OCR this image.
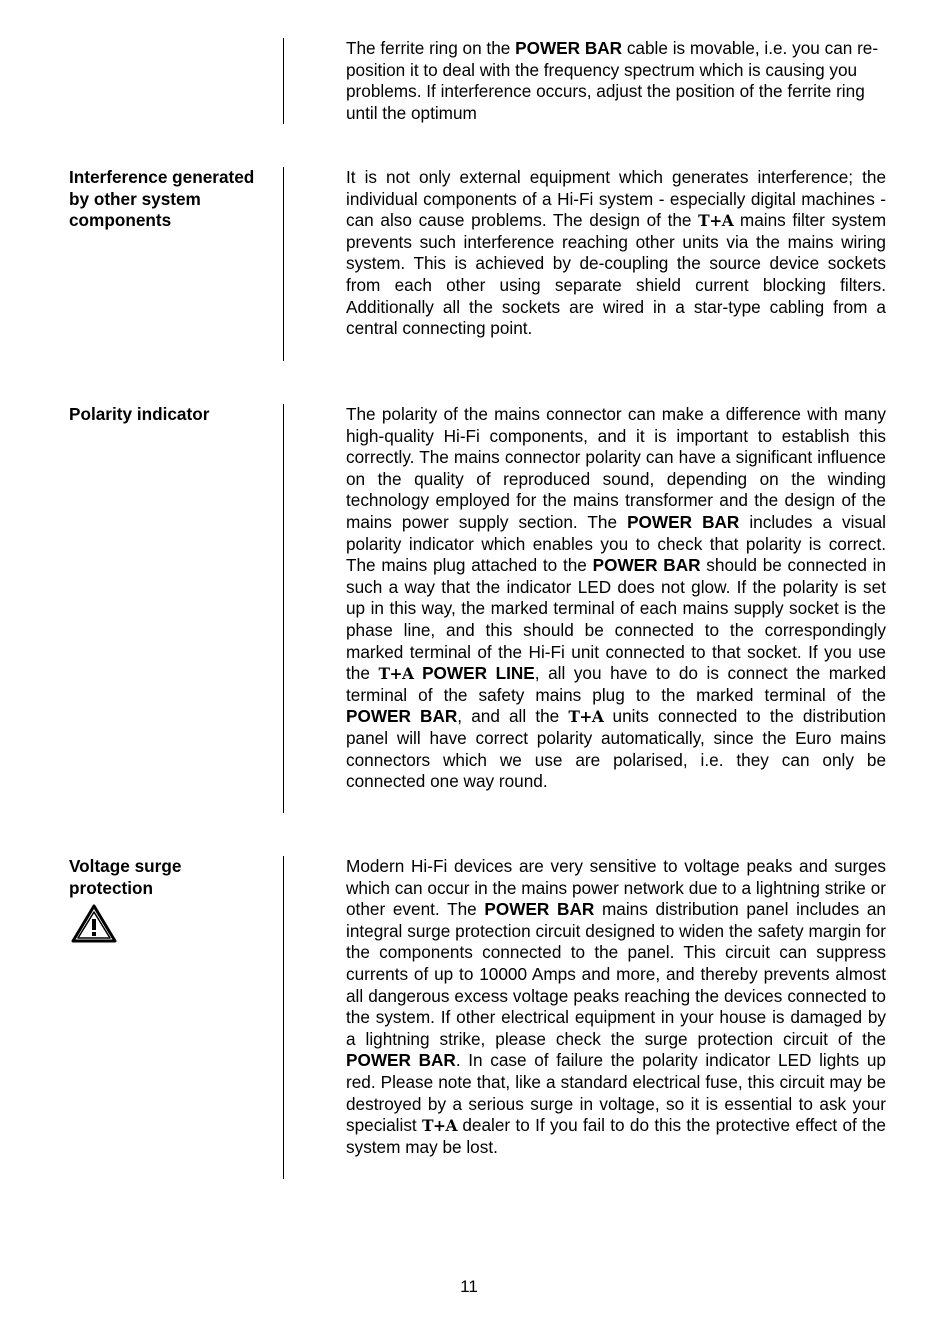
The ferrite ring on the POWER BAR cable is movable, i.e. you can re-position it to deal with the frequency spectrum which is causing you problems. If interference occurs, adjust the position of the ferrite ring until the optimum
Interference generated by other system components
It is not only external equipment which generates interference; the individual components of a Hi-Fi system - especially digital machines - can also cause problems. The design of the T+A mains filter system prevents such interference reaching other units via the mains wiring system. This is achieved by de-coupling the source device sockets from each other using separate shield current blocking filters. Additionally all the sockets are wired in a star-type cabling from a central connecting point.
Polarity indicator	The polarity of the mains connector can make a difference with many high-quality Hi-Fi components, and it is important to establish this correctly. The mains connector polarity can have a significant influence on the quality of reproduced sound, depending on the winding technology employed for the mains transformer and the design of the mains power supply section. The POWER BAR includes a visual polarity indicator which enables you to check that polarity is correct. The mains plug attached to the POWER BAR should be connected in such a way that the indicator LED does not glow. If the polarity is set up in this way, the marked terminal of each mains supply socket is the phase line, and this should be connected to the correspondingly marked terminal of the Hi-Fi unit connected to that socket. If you use the T+A POWER LINE, all you have to do is connect the marked terminal of the safety mains plug to the marked terminal of the POWER BAR, and all the T+A units connected to the distribution panel will have correct polarity automatically, since the Euro mains connectors which we use are polarised, i.e. they can only be connected one way round.
Voltage surge protection
Modern Hi-Fi devices are very sensitive to voltage peaks and surges which can occur in the mains power network due to a lightning strike or other event. The POWER BAR mains distribution panel includes an integral surge protection circuit designed to widen the safety margin for the components connected to the panel. This circuit can suppress currents of up to 10000 Amps and more, and thereby prevents almost all dangerous excess voltage peaks reaching the devices connected to the system. If other electrical equipment in your house is damaged by a lightning strike, please check the surge protection circuit of the POWER BAR. In case of failure the polarity indicator LED lights up red. Please note that, like a standard electrical fuse, this circuit may be destroyed by a serious surge in voltage, so it is essential to ask your specialist T+A dealer to If you fail to do this the protective effect of the system may be lost.
11
